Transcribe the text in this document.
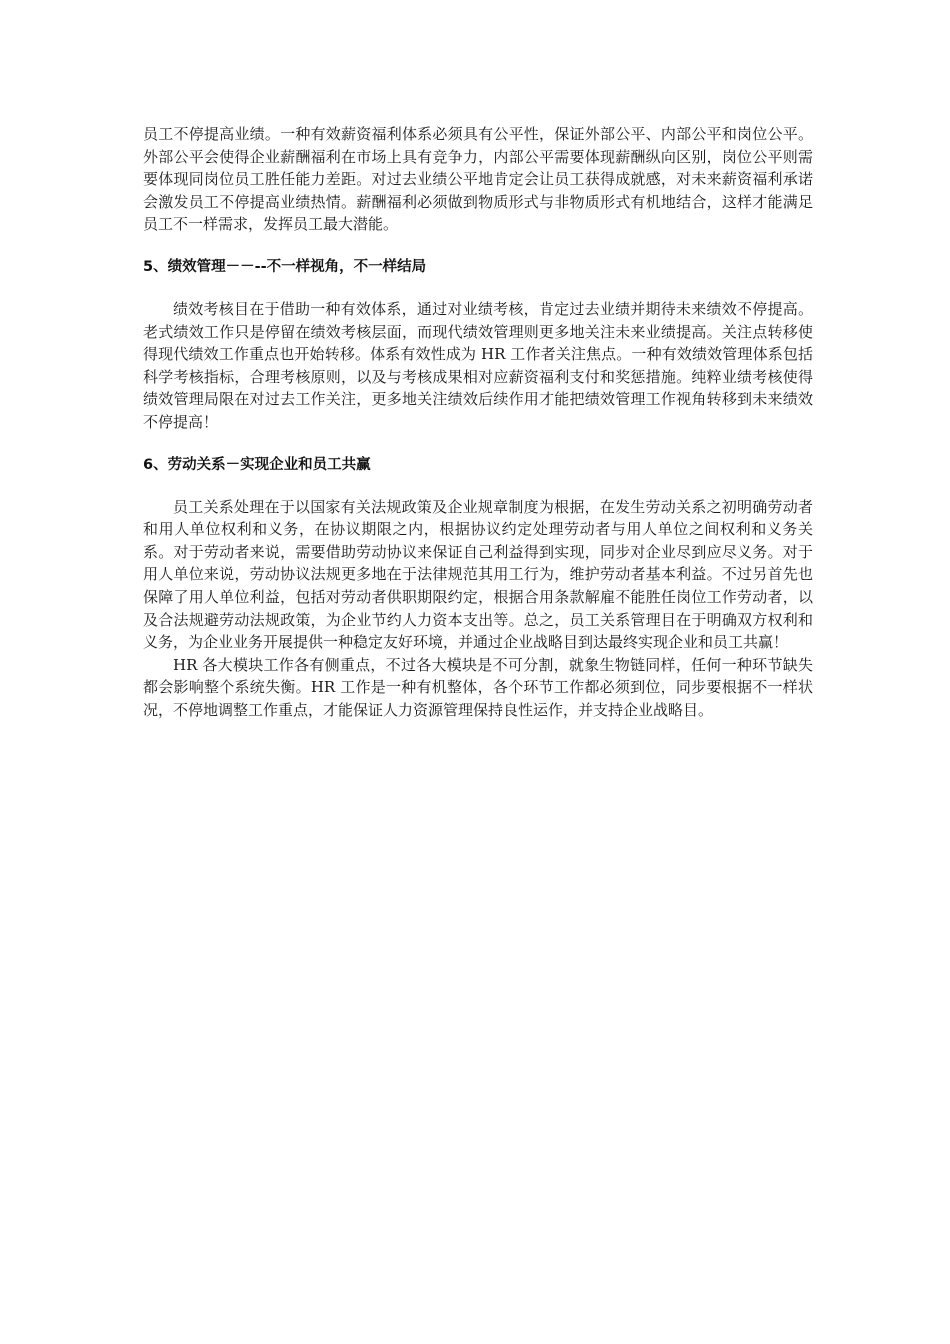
员工不停提高业绩。一种有效薪资福利体系必须具有公平性，保证外部公平、内部公平和岗位公平。外部公平会使得企业薪酬福利在市场上具有竞争力，内部公平需要体现薪酬纵向区别，岗位公平则需要体现同岗位员工胜任能力差距。对过去业绩公平地肯定会让员工获得成就感，对未来薪资福利承诺会激发员工不停提高业绩热情。薪酬福利必须做到物质形式与非物质形式有机地结合，这样才能满足员工不一样需求，发挥员工最大潜能。

5、绩效管理－－--不一样视角，不一样结局

绩效考核目在于借助一种有效体系，通过对业绩考核，肯定过去业绩并期待未来绩效不停提高。老式绩效工作只是停留在绩效考核层面，而现代绩效管理则更多地关注未来业绩提高。关注点转移使得现代绩效工作重点也开始转移。体系有效性成为 HR 工作者关注焦点。一种有效绩效管理体系包括科学考核指标，合理考核原则，以及与考核成果相对应薪资福利支付和奖惩措施。纯粹业绩考核使得绩效管理局限在对过去工作关注，更多地关注绩效后续作用才能把绩效管理工作视角转移到未来绩效不停提高！

6、劳动关系－实现企业和员工共赢

员工关系处理在于以国家有关法规政策及企业规章制度为根据，在发生劳动关系之初明确劳动者和用人单位权利和义务，在协议期限之内，根据协议约定处理劳动者与用人单位之间权利和义务关系。对于劳动者来说，需要借助劳动协议来保证自己利益得到实现，同步对企业尽到应尽义务。对于用人单位来说，劳动协议法规更多地在于法律规范其用工行为，维护劳动者基本利益。不过另首先也保障了用人单位利益，包括对劳动者供职期限约定，根据合用条款解雇不能胜任岗位工作劳动者，以及合法规避劳动法规政策，为企业节约人力资本支出等。总之，员工关系管理目在于明确双方权利和义务，为企业业务开展提供一种稳定友好环境，并通过企业战略目到达最终实现企业和员工共赢！

HR 各大模块工作各有侧重点，不过各大模块是不可分割，就象生物链同样，任何一种环节缺失都会影响整个系统失衡。HR 工作是一种有机整体，各个环节工作都必须到位，同步要根据不一样状况，不停地调整工作重点，才能保证人力资源管理保持良性运作，并支持企业战略目。
